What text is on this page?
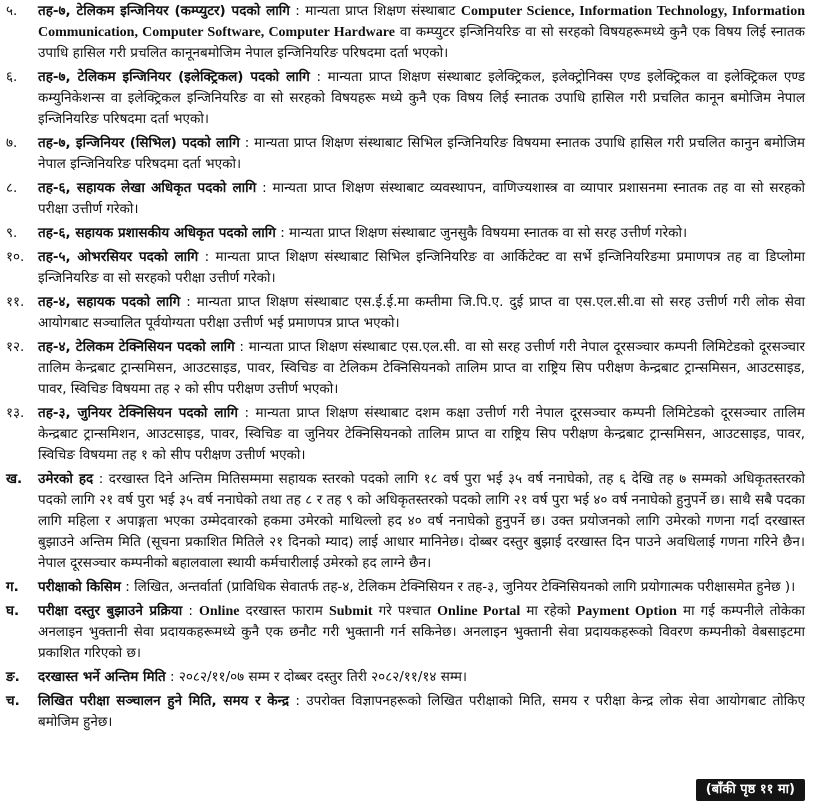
५.	तह-७, टेलिकम इन्जिनियर (कम्प्युटर) पदको लागि : मान्यता प्राप्त शिक्षण संस्थाबाट Computer Science, Information Technology, Information Communication, Computer Software, Computer Hardware वा कम्प्युटर इन्जिनियरिङ वा सो सरहको विषयहरूमध्ये कुनै एक विषय लिई स्नातक उपाधि हासिल गरी प्रचलित कानूनबमोजिम नेपाल इन्जिनियरिङ परिषदमा दर्ता भएको।
६.	तह-७, टेलिकम इन्जिनियर (इलेक्ट्रिकल) पदको लागि : मान्यता प्राप्त शिक्षण संस्थाबाट इलेक्ट्रिकल, इलेक्ट्रोनिक्स एण्ड इलेक्ट्रिकल वा इलेक्ट्रिकल एण्ड कम्युनिकेशन्स वा इलेक्ट्रिकल इन्जिनियरिङ वा सो सरहको विषयहरू मध्ये कुनै एक विषय लिई स्नातक उपाधि हासिल गरी प्रचलित कानून बमोजिम नेपाल इन्जिनियरिङ परिषदमा दर्ता भएको।
७.	तह-७, इन्जिनियर (सिभिल) पदको लागि : मान्यता प्राप्त शिक्षण संस्थाबाट सिभिल इन्जिनियरिङ विषयमा स्नातक उपाधि हासिल गरी प्रचलित कानुन बमोजिम नेपाल इन्जिनियरिङ परिषदमा दर्ता भएको।
८.	तह-६, सहायक लेखा अधिकृत पदको लागि : मान्यता प्राप्त शिक्षण संस्थाबाट व्यवस्थापन, वाणिज्यशास्त्र वा व्यापार प्रशासनमा स्नातक तह वा सो सरहको परीक्षा उत्तीर्ण गरेको।
९.	तह-६, सहायक प्रशासकीय अधिकृत पदको लागि : मान्यता प्राप्त शिक्षण संस्थाबाट जुनसुकै विषयमा स्नातक वा सो सरह उत्तीर्ण गरेको।
१०.	तह-५, ओभरसियर पदको लागि : मान्यता प्राप्त शिक्षण संस्थाबाट सिभिल इन्जिनियरिङ वा आर्किटेक्ट वा सर्भे इन्जिनियरिङमा प्रमाणपत्र तह वा डिप्लोमा इन्जिनियरिङ वा सो सरहको परीक्षा उत्तीर्ण गरेको।
११.	तह-४, सहायक पदको लागि : मान्यता प्राप्त शिक्षण संस्थाबाट एस.ई.ई.मा कम्तीमा जि.पि.ए. दुई प्राप्त वा एस.एल.सी.वा सो सरह उत्तीर्ण गरी लोक सेवा आयोगबाट सञ्चालित पूर्वयोग्यता परीक्षा उत्तीर्ण भई प्रमाणपत्र प्राप्त भएको।
१२.	तह-४, टेलिकम टेक्निसियन पदको लागि : मान्यता प्राप्त शिक्षण संस्थाबाट एस.एल.सी. वा सो सरह उत्तीर्ण गरी नेपाल दूरसञ्चार कम्पनी लिमिटेडको दूरसञ्चार तालिम केन्द्रबाट ट्रान्समिसन, आउटसाइड, पावर, स्विचिङ वा टेलिकम टेक्निसियनको तालिम प्राप्त वा राष्ट्रिय सिप परीक्षण केन्द्रबाट ट्रान्समिसन, आउटसाइड, पावर, स्विचिङ विषयमा तह २ को सीप परीक्षण उत्तीर्ण भएको।
१३.	तह-३, जुनियर टेक्निसियन पदको लागि : मान्यता प्राप्त शिक्षण संस्थाबाट दशम कक्षा उत्तीर्ण गरी नेपाल दूरसञ्चार कम्पनी लिमिटेडको दूरसञ्चार तालिम केन्द्रबाट ट्रान्समिशन, आउटसाइड, पावर, स्विचिङ वा जुनियर टेक्निसियनको तालिम प्राप्त वा राष्ट्रिय सिप परीक्षण केन्द्रबाट ट्रान्समिसन, आउटसाइड, पावर, स्विचिङ विषयमा तह १ को सीप परीक्षण उत्तीर्ण भएको।
ख.	उमेरको हद : दरखास्त दिने अन्तिम मितिसम्ममा सहायक स्तरको पदको लागि १८ वर्ष पुरा भई ३५ वर्ष ननाघेको, तह ६ देखि तह ७ सम्मको अधिकृतस्तरको पदको लागि २१ वर्ष पुरा भई ३५ वर्ष ननाघेको तथा तह ८ र तह ९ को अधिकृतस्तरको पदको लागि २१ वर्ष पुरा भई ४० वर्ष ननाघेको हुनुपर्ने छ। साथै सबै पदका लागि महिला र अपाङ्गता भएका उम्मेदवारको हकमा उमेरको माथिल्लो हद ४० वर्ष ननाघेको हुनुपर्ने छ। उक्त प्रयोजनको लागि उमेरको गणना गर्दा दरखास्त बुझाउने अन्तिम मिति (सूचना प्रकाशित मितिले २१ दिनको म्याद) लाई आधार मानिनेछ। दोब्बर दस्तुर बुझाई दरखास्त दिन पाउने अवधिलाई गणना गरिने छैन। नेपाल दूरसञ्चार कम्पनीको बहालवाला स्थायी कर्मचारीलाई उमेरको हद लाग्ने छैन।
ग.	परीक्षाको किसिम : लिखित, अन्तर्वार्ता (प्राविधिक सेवातर्फ तह-४, टेलिकम टेक्निसियन र तह-३, जुनियर टेक्निसियनको लागि प्रयोगात्मक परीक्षासमेत हुनेछ )।
घ.	परीक्षा दस्तुर बुझाउने प्रक्रिया : Online दरखास्त फाराम Submit गरे पश्चात Online Portal मा रहेको Payment Option मा गई कम्पनीले तोकेका अनलाइन भुक्तानी सेवा प्रदायकहरूमध्ये कुनै एक छनौट गरी भुक्तानी गर्न सकिनेछ। अनलाइन भुक्तानी सेवा प्रदायकहरूको विवरण कम्पनीको वेबसाइटमा प्रकाशित गरिएको छ।
ङ.	दरखास्त भर्ने अन्तिम मिति : २०८२/११/०७ सम्म र दोब्बर दस्तुर तिरी २०८२/११/१४ सम्म।
च.	लिखित परीक्षा सञ्चालन हुने मिति, समय र केन्द्र : उपरोक्त विज्ञापनहरूको लिखित परीक्षाको मिति, समय र परीक्षा केन्द्र लोक सेवा आयोगबाट तोकिए बमोजिम हुनेछ।
(बाँकी पृष्ठ ११ मा)
